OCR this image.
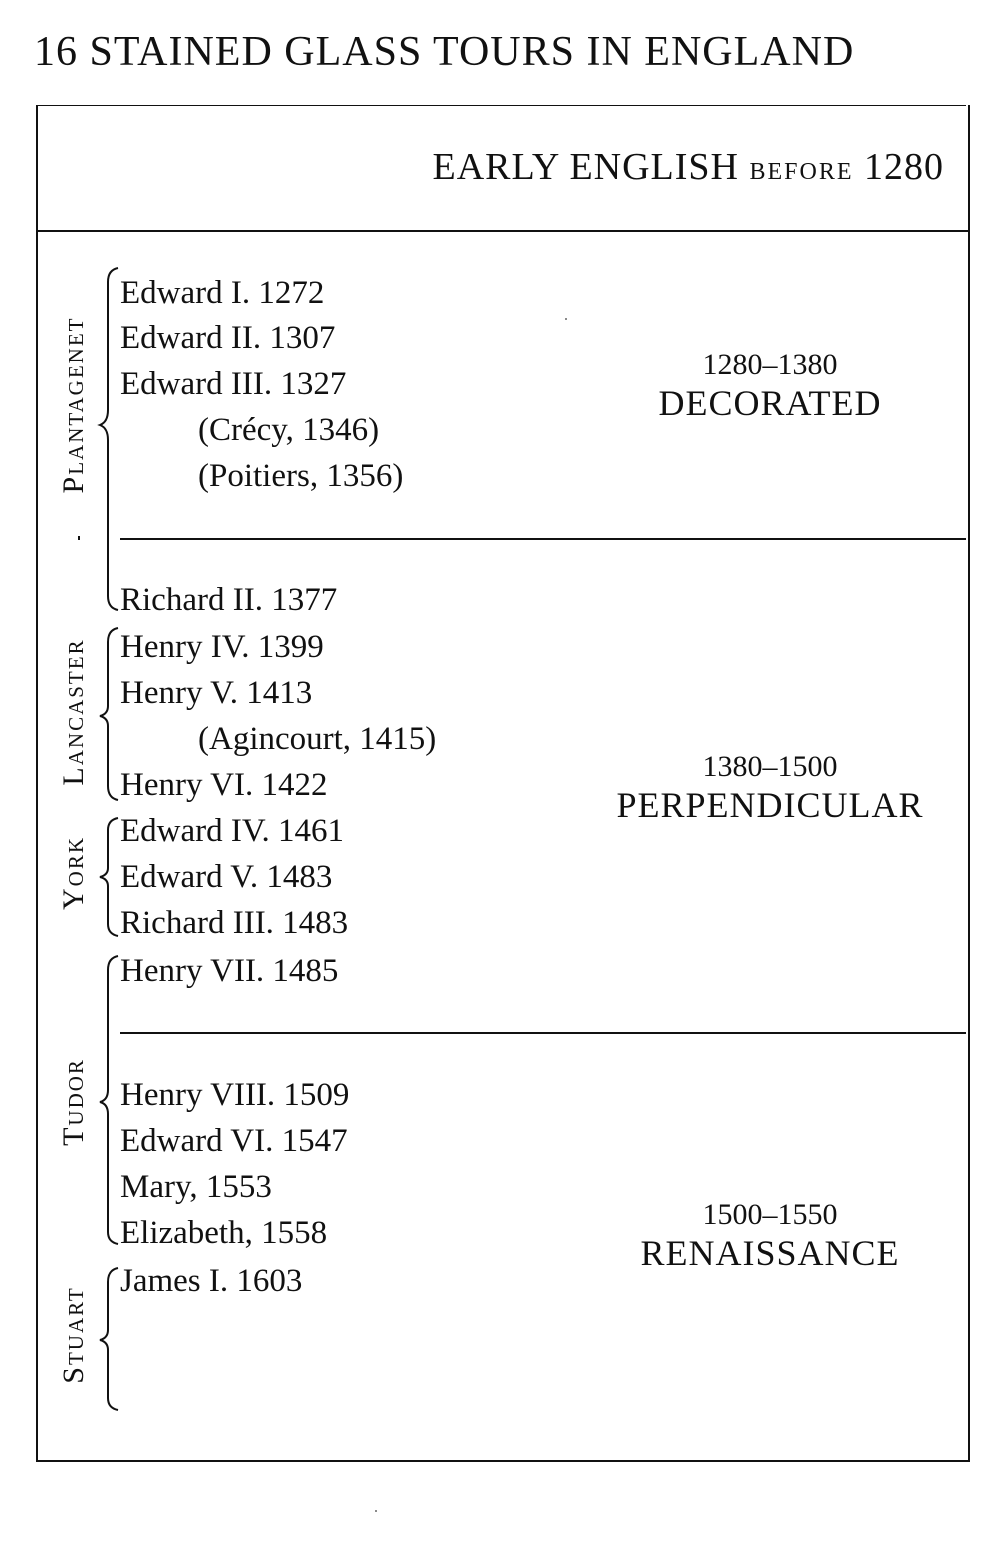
16 STAINED GLASS TOURS IN ENGLAND
EARLY ENGLISH BEFORE 1280
Plantagenet
Lancaster
York
Tudor
Stuart
Edward I. 1272
Edward II. 1307
Edward III. 1327
(Crécy, 1346)
(Poitiers, 1356)
Richard II. 1377
Henry IV. 1399
Henry V. 1413
(Agincourt, 1415)
Henry VI. 1422
Edward IV. 1461
Edward V. 1483
Richard III. 1483
Henry VII. 1485
Henry VIII. 1509
Edward VI. 1547
Mary, 1553
Elizabeth, 1558
James I. 1603
1280–1380
DECORATED
1380–1500
PERPENDICULAR
1500–1550
RENAISSANCE
